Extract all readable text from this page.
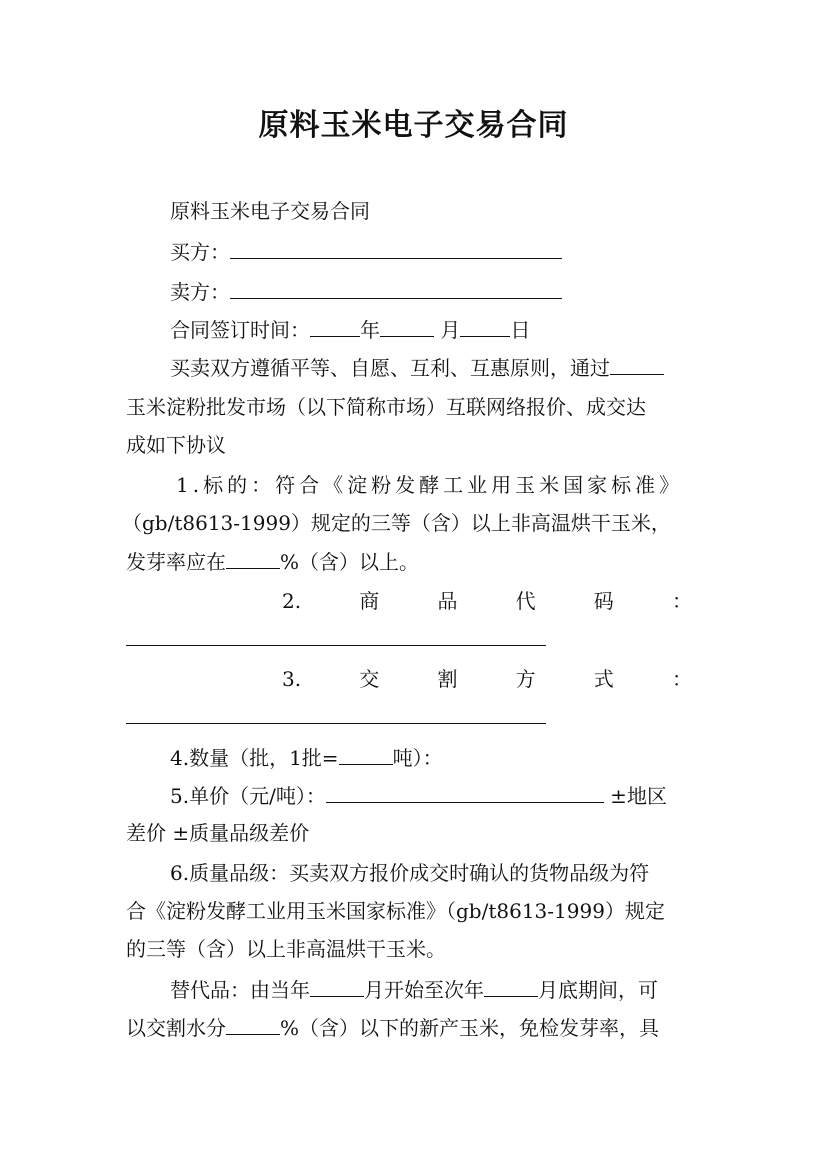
原料玉米电子交易合同
原料玉米电子交易合同
买方：
卖方：
合同签订时间：	年	月	日
买卖双方遵循平等、自愿、互利、互惠原则，通过
玉米淀粉批发市场（以下简称市场）互联网络报价、成交达
成如下协议
1.标的：符合《淀粉发酵工业用玉米国家标准》
（gb/t8613-1999）规定的三等（含）以上非高温烘干玉米，
发芽率应在	%（含）以上。
2.	商	品	代	码	：
3.	交	割	方	式	：
4.数量（批，1批=	吨）：
5.单价（元/吨）：	±地区
差价 ±质量品级差价
6.质量品级：买卖双方报价成交时确认的货物品级为符
合《淀粉发酵工业用玉米国家标准》（gb/t8613-1999）规定
的三等（含）以上非高温烘干玉米。
替代品：由当年	月开始至次年	月底期间，可
以交割水分	%（含）以下的新产玉米，免检发芽率，具
